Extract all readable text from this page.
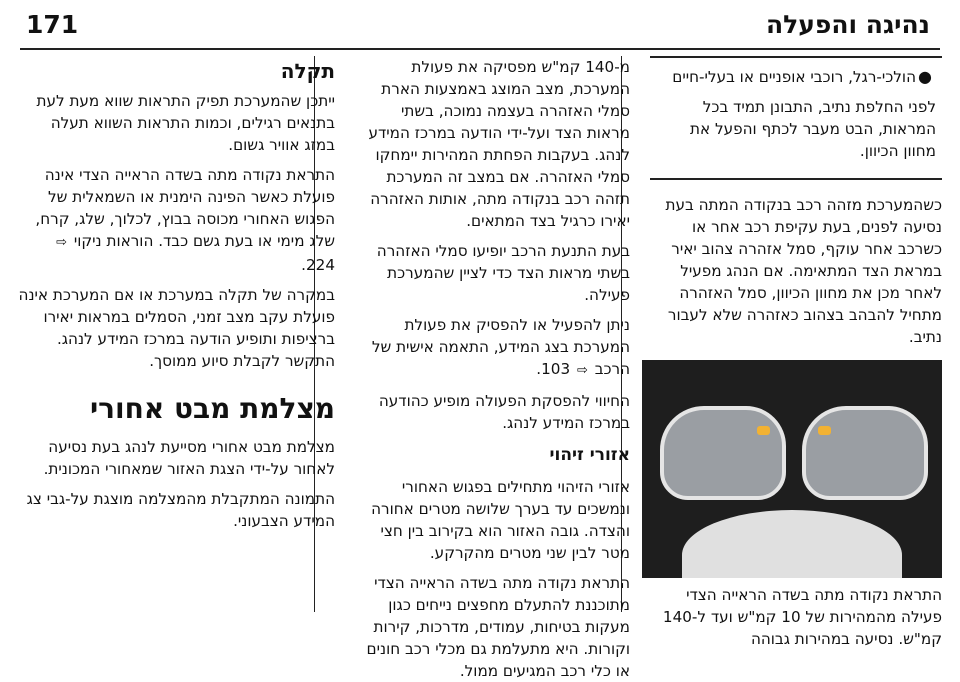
171	נהיגה והפעלה

●
הולכי-רגל, רוכבי אופניים או בעלי-חיים

לפני החלפת נתיב, התבונן תמיד בכל המראות, הבט מעבר לכתף והפעל את מחוון הכיוון.

כשהמערכת מזהה רכב בנקודה המתה בעת נסיעה לפנים, בעת עקיפת רכב אחר או כשרכב אחר עוקף, סמל אזהרה צהוב יאיר במראת הצד המתאימה. אם הנהג מפעיל לאחר מכן את מחוון הכיוון, סמל האזהרה מתחיל להבהב בצהוב כאזהרה שלא לעבור נתיב.

התראת נקודה מתה בשדה הראייה הצדי פעילה מהמהירות של 10 קמ"ש ועד ל-140 קמ"ש. נסיעה במהירות גבוהה

מ-140 קמ"ש מפסיקה את פעולת המערכת, מצב המוצג באמצעות הארת סמלי האזהרה בעצמה נמוכה, בשתי מראות הצד ועל-ידי הודעה במרכז המידע לנהג. בעקבות הפחתת המהירות יימחקו סמלי האזהרה. אם במצב זה המערכת תזהה רכב בנקודה מתה, אותות האזהרה יאירו כרגיל בצד המתאים.

בעת התנעת הרכב יופיעו סמלי האזהרה בשתי מראות הצד כדי לציין שהמערכת פעילה.

ניתן להפעיל או להפסיק את פעולת המערכת בצג המידע, התאמה אישית של הרכב ⇨ 103.

החיווי להפסקת הפעולה מופיע כהודעה במרכז המידע לנהג.

אזורי זיהוי

אזורי הזיהוי מתחילים בפגוש האחורי ונמשכים עד בערך שלושה מטרים אחורה והצדה. גובה האזור הוא בקירוב בין חצי מטר לבין שני מטרים מהקרקע.

התראת נקודה מתה בשדה הראייה הצדי מתוכננת להתעלם מחפצים נייחים כגון מעקות בטיחות, עמודים, מדרכות, קירות וקורות. היא מתעלמת גם מכלי רכב חונים או כלי רכב המגיעים ממול.

תקלה

ייתכן שהמערכת תפיק התראות שווא מעת לעת בתנאים רגילים, וכמות התראות השווא תעלה במזג אוויר גשום.

התראת נקודה מתה בשדה הראייה הצדי אינה פועלת כאשר הפינה הימנית או השמאלית של הפגוש האחורי מכוסה בבוץ, לכלוך, שלג, קרח, שלג מימי או בעת גשם כבד. הוראות ניקוי ⇨ 224.

במקרה של תקלה במערכת או אם המערכת אינה פועלת עקב מצב זמני, הסמלים במראות יאירו ברציפות ותופיע הודעה במרכז המידע לנהג. התקשר לקבלת סיוע ממוסך.

מצלמת מבט אחורי

מצלמת מבט אחורי מסייעת לנהג בעת נסיעה לאחור על-ידי הצגת האזור שמאחורי המכונית.

התמונה המתקבלת מהמצלמה מוצגת על-גבי צג המידע הצבעוני.
